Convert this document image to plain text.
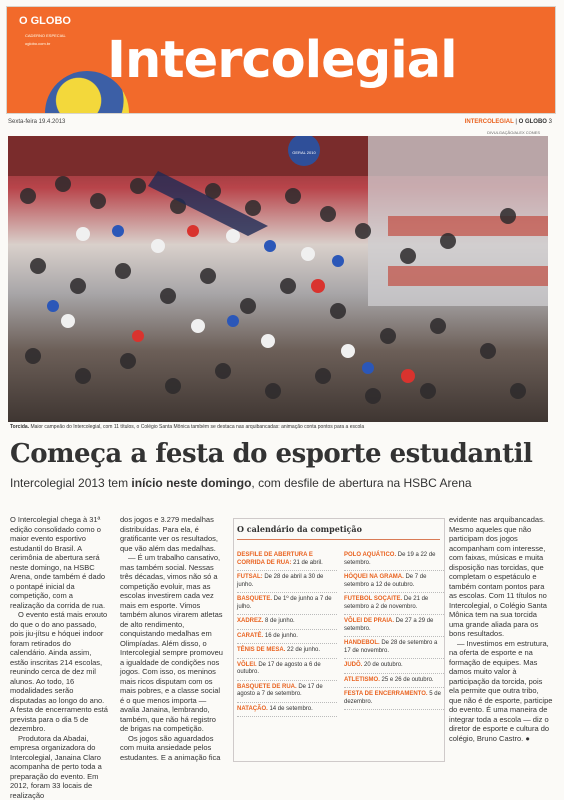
O GLOBO
CADERNO ESPECIAL
oglobo.com.br Intercolegial
Sexta-feira 19.4.2013	INTERCOLEGIAL | O GLOBO 3
DIVULGAÇÃO/ALEX CONES
GERAL 2010
Torcida. Maior campeão do Intercolegial, com 11 títulos, o Colégio Santa Mônica também se destaca nas arquibancadas: animação conta pontos para a escola
Começa a festa do esporte estudantil
Intercolegial 2013 tem início neste domingo, com desfile de abertura na HSBC Arena

O Intercolegial chega à 31ª edição consolidado como o maior evento esportivo estudantil do Brasil. A cerimônia de abertura será neste domingo, na HSBC Arena, onde também é dado o pontapé inicial da competição, com a realização da corrida de rua.

O evento está mais enxuto do que o do ano passado, pois jiu-jítsu e hóquei indoor foram retirados do calendário. Ainda assim, estão inscritas 214 escolas, reunindo cerca de dez mil alunos. Ao todo, 16 modalidades serão disputadas ao longo do ano. A festa de encerramento está prevista para o dia 5 de dezembro.

Produtora da Abadai, empresa organizadora do Intercolegial, Janaina Claro acompanha de perto toda a preparação do evento. Em 2012, foram 33 locais de realização

dos jogos e 3.279 medalhas distribuídas. Para ela, é gratificante ver os resultados, que vão além das medalhas.

— É um trabalho cansativo, mas também social. Nessas três décadas, vimos não só a competição evoluir, mas as escolas investirem cada vez mais em esporte. Vimos também alunos virarem atletas de alto rendimento, conquistando medalhas em Olimpíadas. Além disso, o Intercolegial sempre promoveu a igualdade de condições nos jogos. Com isso, os meninos mais ricos disputam com os mais pobres, e a classe social é o que menos importa — avalia Janaina, lembrando, também, que não há registro de brigas na competição.

Os jogos são aguardados com muita ansiedade pelos estudantes. E a animação fica

O calendário da competição
DESFILE DE ABERTURA E CORRIDA DE RUA: 21 de abril.
FUTSAL: De 28 de abril a 30 de junho.
BASQUETE. De 1º de junho a 7 de julho.
XADREZ. 8 de junho.
CARATÊ. 16 de junho.
TÊNIS DE MESA. 22 de junho.
VÔLEI. De 17 de agosto a 6 de outubro.
BASQUETE DE RUA. De 17 de agosto a 7 de setembro.
NATAÇÃO. 14 de setembro.
POLO AQUÁTICO. De 19 a 22 de setembro.
HÓQUEI NA GRAMA. De 7 de setembro a 12 de outubro.
FUTEBOL SOÇAITE. De 21 de setembro a 2 de novembro.
VÔLEI DE PRAIA. De 27 a 29 de setembro.
HANDEBOL. De 28 de setembro a 17 de novembro.
JUDÔ. 20 de outubro.
ATLETISMO. 25 e 26 de outubro.
FESTA DE ENCERRAMENTO. 5 de dezembro.

evidente nas arquibancadas. Mesmo aqueles que não participam dos jogos acompanham com interesse, com faixas, músicas e muita disposição nas torcidas, que completam o espetáculo e também contam pontos para as escolas. Com 11 títulos no Intercolegial, o Colégio Santa Mônica tem na sua torcida uma grande aliada para os bons resultados.

— Investimos em estrutura, na oferta de esporte e na formação de equipes. Mas damos muito valor à participação da torcida, pois ela permite que outra tribo, que não é de esporte, participe do evento. É uma maneira de integrar toda a escola — diz o diretor de esporte e cultura do colégio, Bruno Castro. ●
